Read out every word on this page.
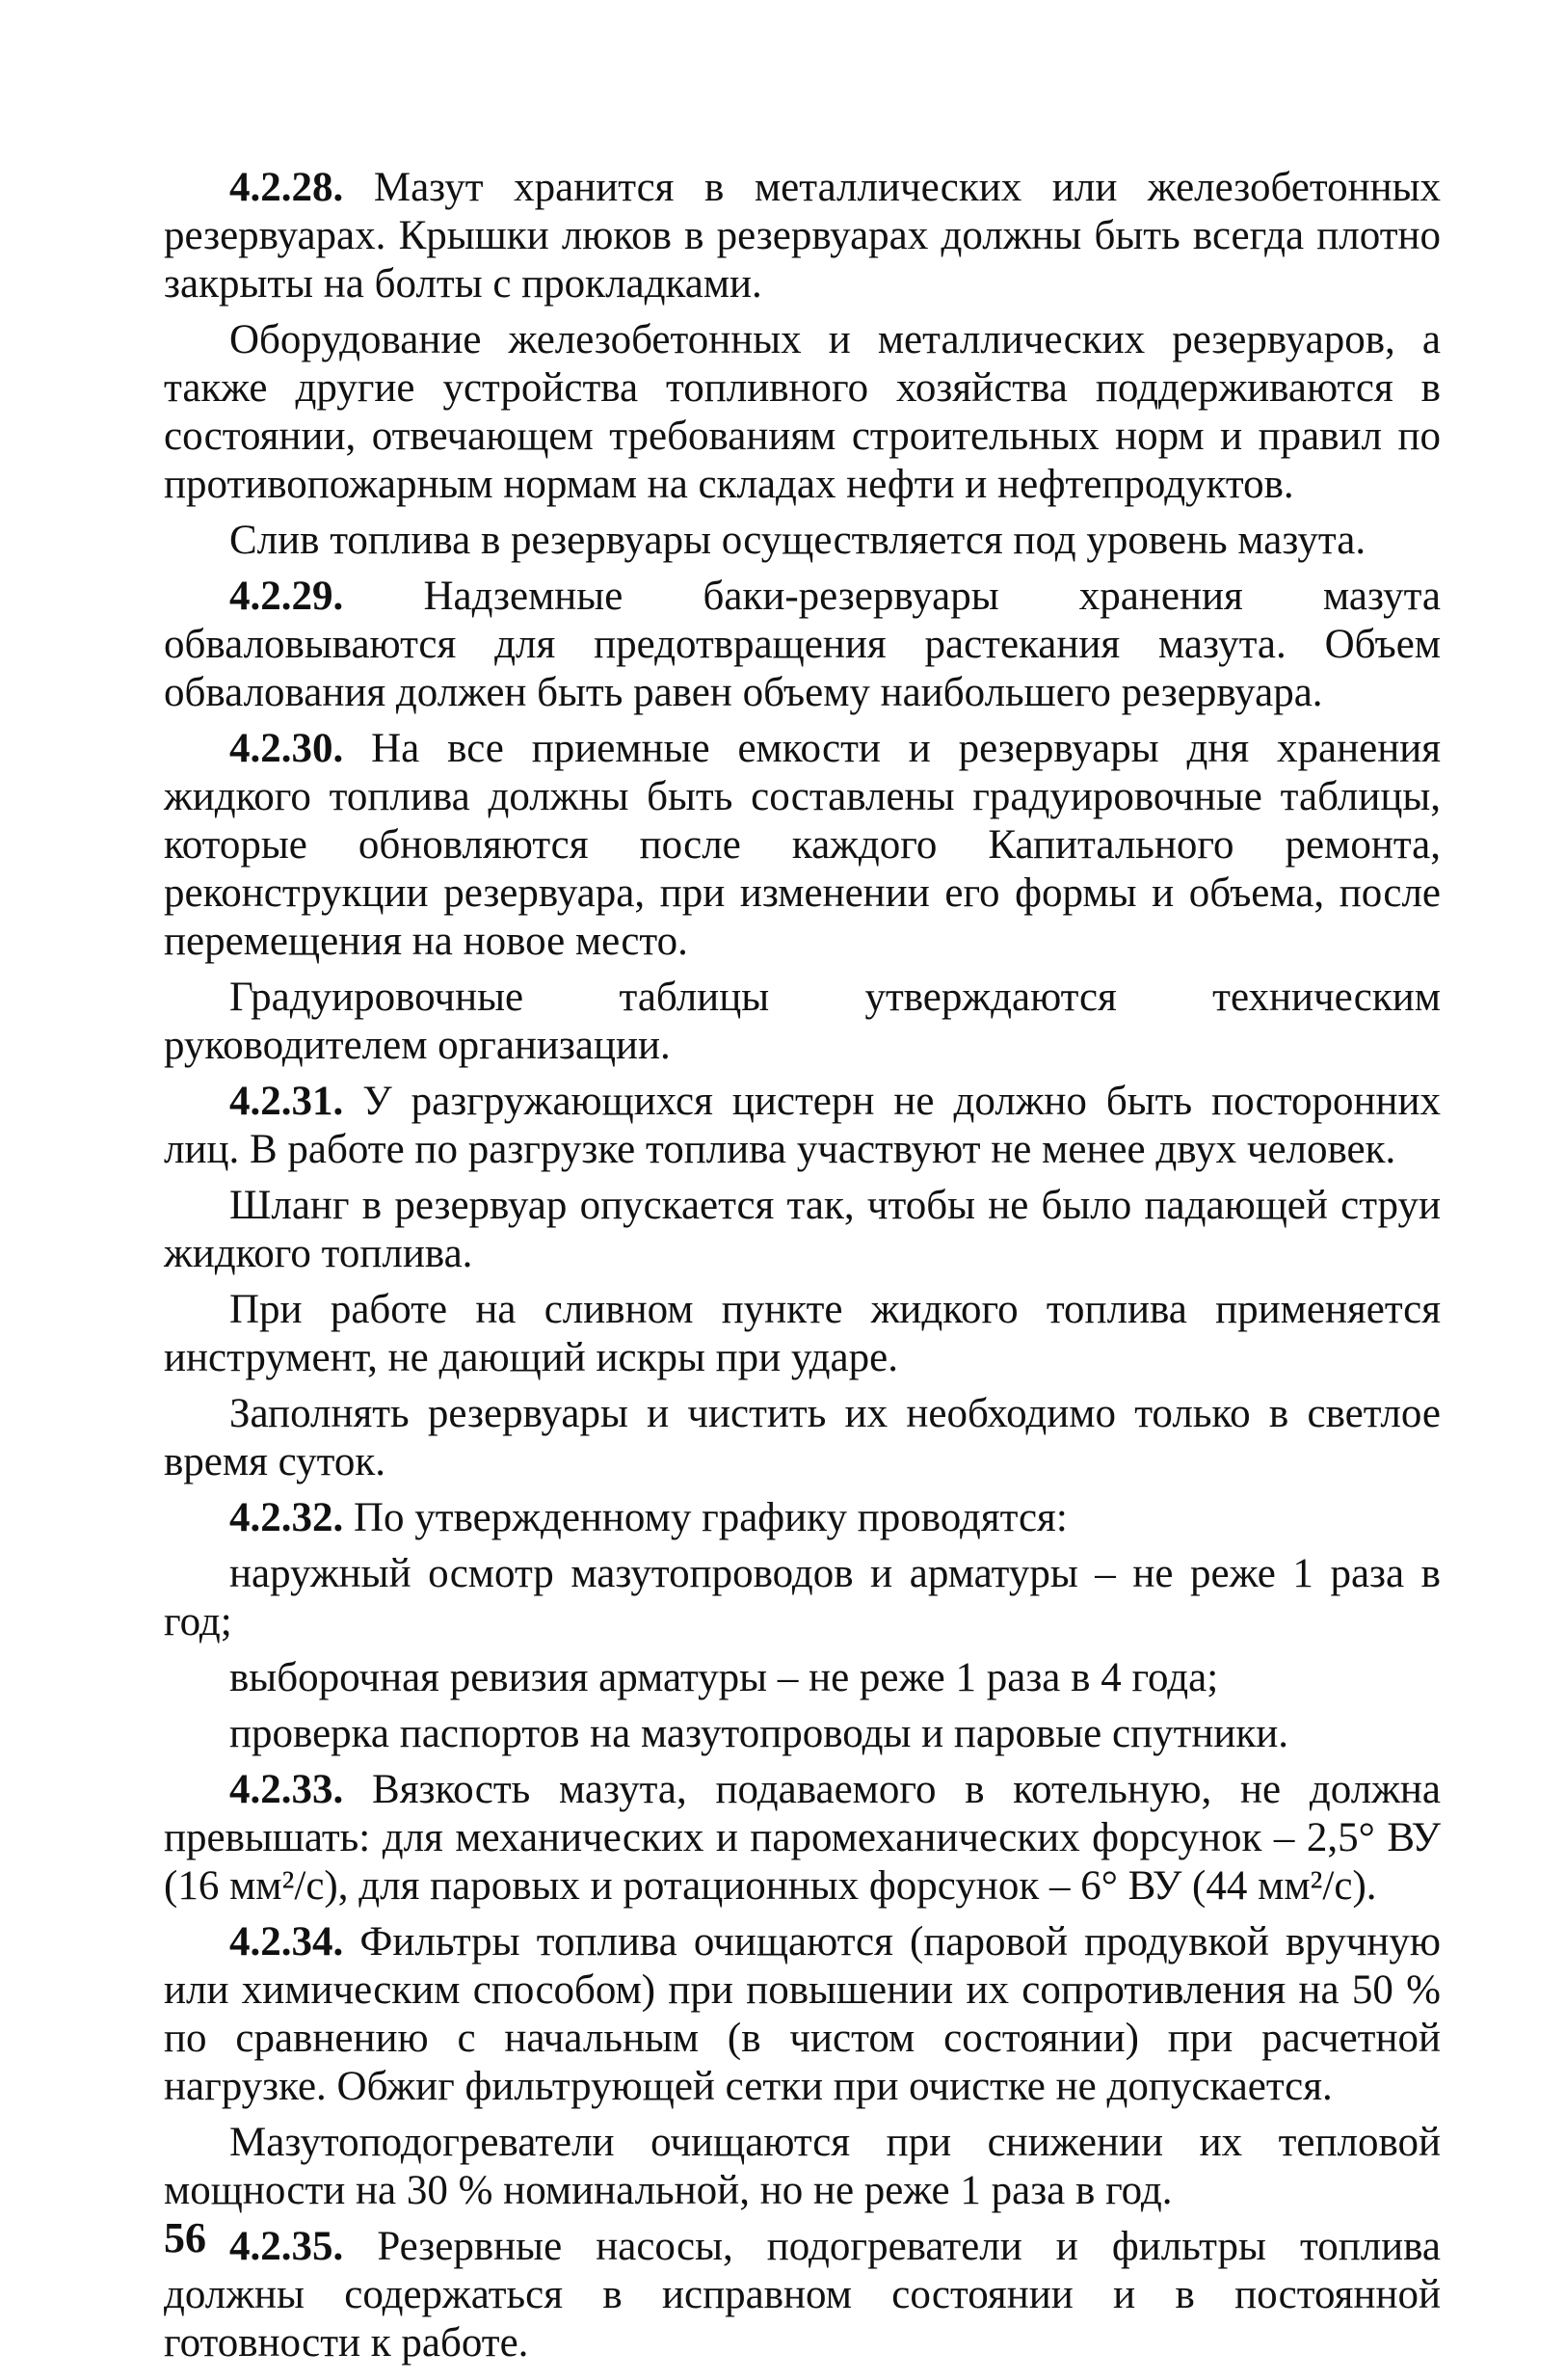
4.2.28. Мазут хранится в металлических или железобетонных резервуарах. Крышки люков в резервуарах должны быть всегда плотно закрыты на болты с прокладками.

Оборудование железобетонных и металлических резервуаров, а также другие устройства топливного хозяйства поддерживаются в состоянии, отвечающем требованиям строительных норм и правил по противопожарным нормам на складах нефти и нефтепродуктов.

Слив топлива в резервуары осуществляется под уровень мазута.

4.2.29. Надземные баки-резервуары хранения мазута обваловываются для предотвращения растекания мазута. Объем обвалования должен быть равен объему наибольшего резервуара.

4.2.30. На все приемные емкости и резервуары дня хранения жидкого топлива должны быть составлены градуировочные таблицы, которые обновляются после каждого Капитального ремонта, реконструкции резервуара, при изменении его формы и объема, после перемещения на новое место.

Градуировочные таблицы утверждаются техническим руководителем организации.

4.2.31. У разгружающихся цистерн не должно быть посторонних лиц. В работе по разгрузке топлива участвуют не менее двух человек.

Шланг в резервуар опускается так, чтобы не было падающей струи жидкого топлива.

При работе на сливном пункте жидкого топлива применяется инструмент, не дающий искры при ударе.

Заполнять резервуары и чистить их необходимо только в светлое время суток.

4.2.32. По утвержденному графику проводятся:

наружный осмотр мазутопроводов и арматуры – не реже 1 раза в год;

выборочная ревизия арматуры – не реже 1 раза в 4 года;

проверка паспортов на мазутопроводы и паровые спутники.

4.2.33. Вязкость мазута, подаваемого в котельную, не должна превышать: для механических и паромеханических форсунок – 2,5° ВУ (16 мм²/с), для паровых и ротационных форсунок – 6° ВУ (44 мм²/с).

4.2.34. Фильтры топлива очищаются (паровой продувкой вручную или химическим способом) при повышении их сопротивления на 50 % по сравнению с начальным (в чистом состоянии) при расчетной нагрузке. Обжиг фильтрующей сетки при очистке не допускается.

Мазутоподогреватели очищаются при снижении их тепловой мощности на 30 % номинальной, но не реже 1 раза в год.

4.2.35. Резервные насосы, подогреватели и фильтры топлива должны содержаться в исправном состоянии и в постоянной готовности к работе.

56
